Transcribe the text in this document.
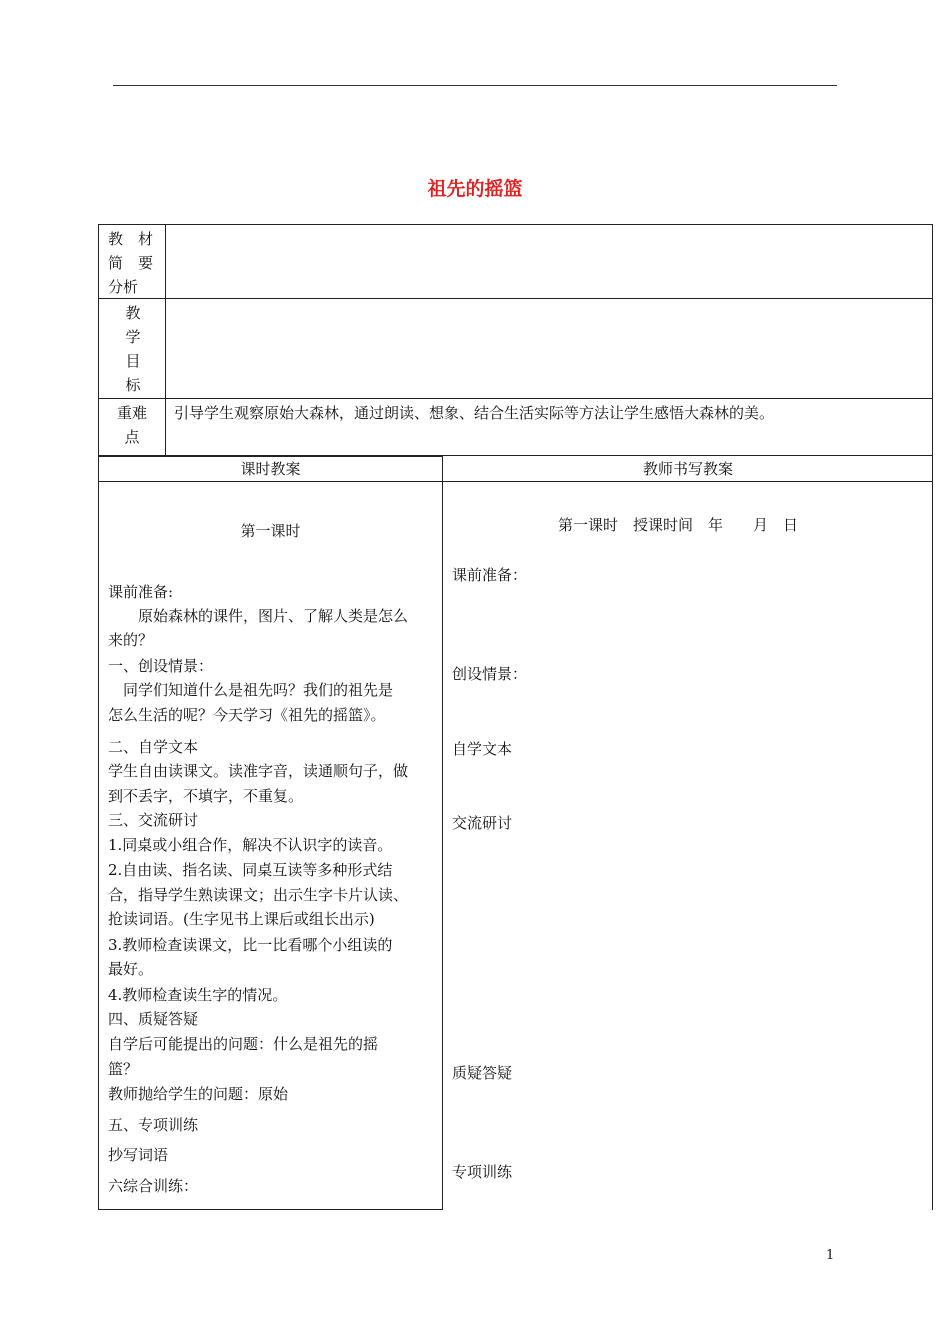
祖先的摇篮
教　材
简　要
分析
教
学
目
标
重难
点
引导学生观察原始大森林，通过朗读、想象、结合生活实际等方法让学生感悟大森林的美。
课时教案	教师书写教案
第一课时
课前准备:
　　原始森林的课件，图片、了解人类是怎么
来的？
一、创设情景：
　同学们知道什么是祖先吗？我们的祖先是
怎么生活的呢？今天学习《祖先的摇篮》。
二、自学文本
学生自由读课文。读准字音，读通顺句子，做
到不丢字，不填字，不重复。
三、交流研讨
1.同桌或小组合作，解决不认识字的读音。
2.自由读、指名读、同桌互读等多种形式结
合，指导学生熟读课文；出示生字卡片认读、
抢读词语。(生字见书上课后或组长出示)
3.教师检查读课文，比一比看哪个小组读的
最好。
4.教师检查读生字的情况。
四、质疑答疑
自学后可能提出的问题：什么是祖先的摇
篮？
教师抛给学生的问题：原始
五、专项训练
抄写词语
六综合训练：
第一课时　授课时间　年　　月　日
课前准备：
创设情景：
自学文本
交流研讨
质疑答疑
专项训练
1
